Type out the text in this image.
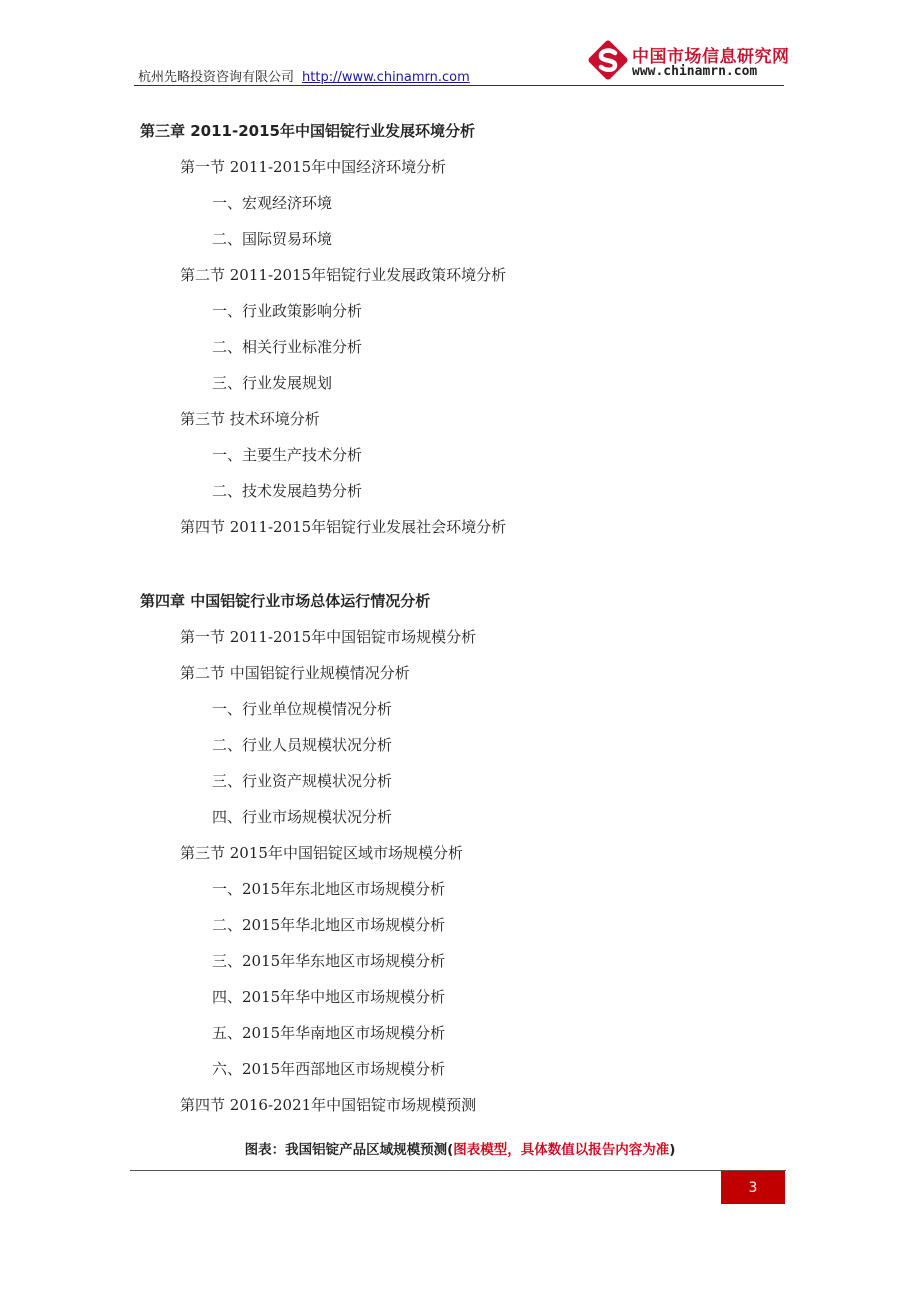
杭州先略投资咨询有限公司 http://www.chinamrn.com
中国市场信息研究网
www.chinamrn.com
第三章 2011-2015年中国铝锭行业发展环境分析
第一节 2011-2015年中国经济环境分析
一、宏观经济环境
二、国际贸易环境
第二节 2011-2015年铝锭行业发展政策环境分析
一、行业政策影响分析
二、相关行业标准分析
三、行业发展规划
第三节 技术环境分析
一、主要生产技术分析
二、技术发展趋势分析
第四节 2011-2015年铝锭行业发展社会环境分析
第四章 中国铝锭行业市场总体运行情况分析
第一节 2011-2015年中国铝锭市场规模分析
第二节 中国铝锭行业规模情况分析
一、行业单位规模情况分析
二、行业人员规模状况分析
三、行业资产规模状况分析
四、行业市场规模状况分析
第三节 2015年中国铝锭区域市场规模分析
一、2015年东北地区市场规模分析
二、2015年华北地区市场规模分析
三、2015年华东地区市场规模分析
四、2015年华中地区市场规模分析
五、2015年华南地区市场规模分析
六、2015年西部地区市场规模分析
第四节 2016-2021年中国铝锭市场规模预测
图表：我国铝锭产品区域规模预测(图表模型，具体数值以报告内容为准)
3
